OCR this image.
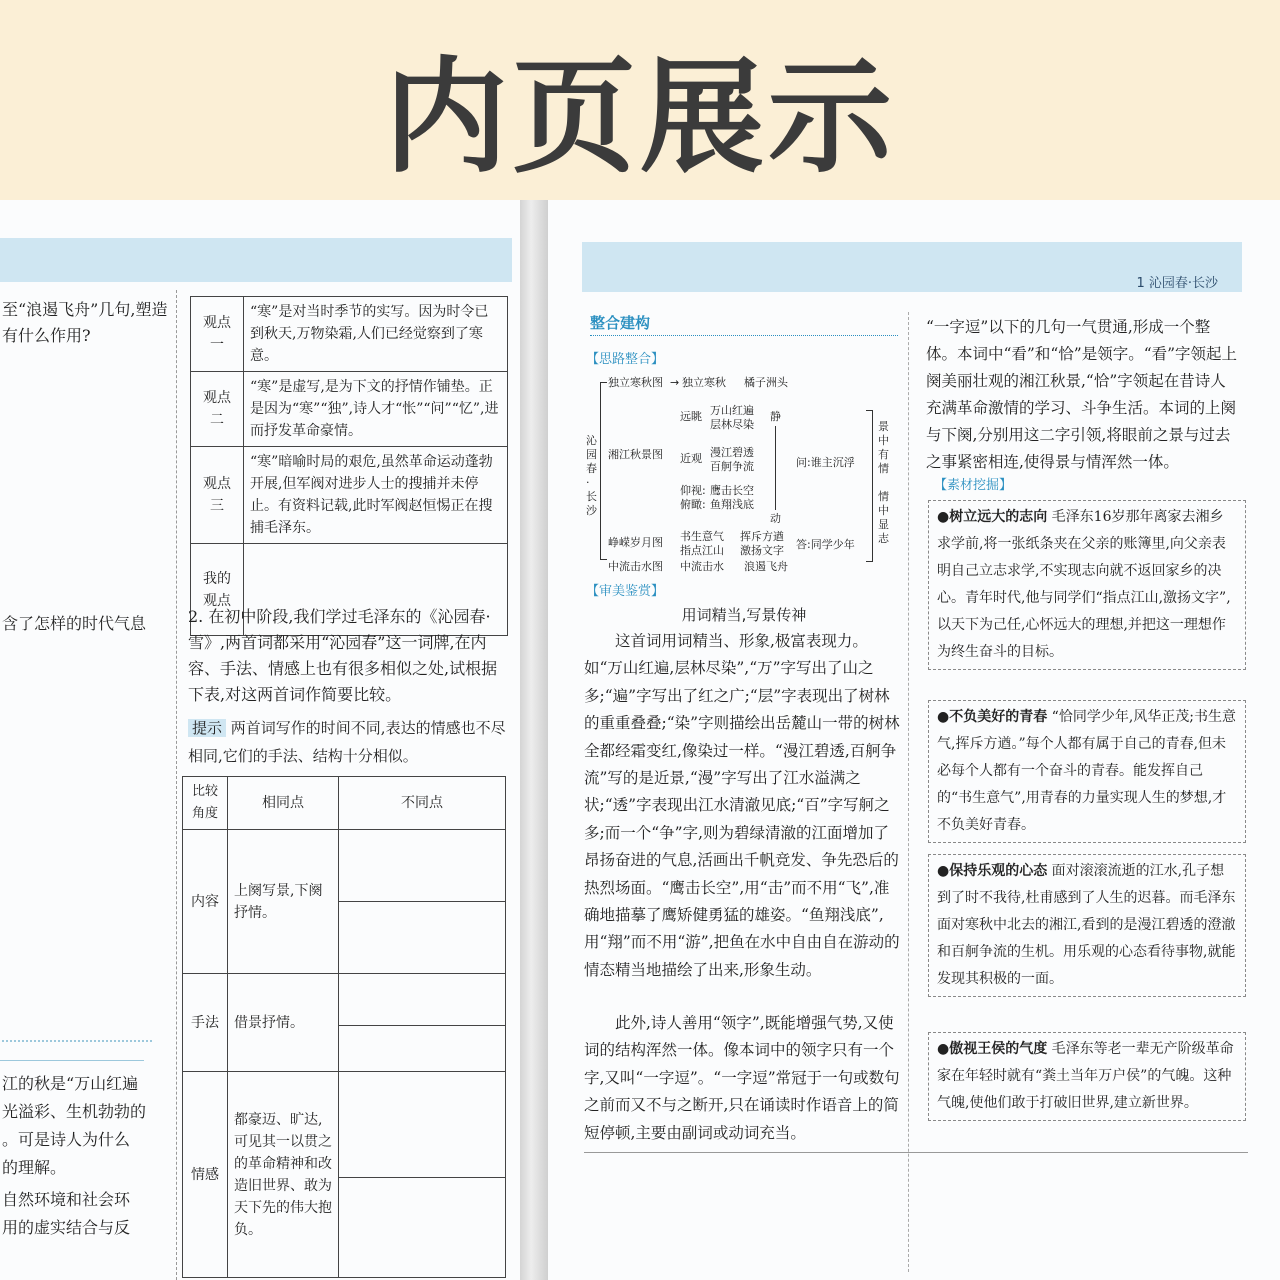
内页展示
至“浪遏飞舟”几句,塑造
有什么作用?
含了怎样的时代气息
观点一	“寒”是对当时季节的实写。因为时令已到秋天,万物染霜,人们已经觉察到了寒意。
观点二	“寒”是虚写,是为下文的抒情作铺垫。正是因为“寒”“独”,诗人才“怅”“问”“忆”,进而抒发革命豪情。
观点三	“寒”暗喻时局的艰危,虽然革命运动蓬勃开展,但军阀对进步人士的搜捕并未停止。有资料记载,此时军阀赵恒惕正在搜捕毛泽东。
我的观点	
2. 在初中阶段,我们学过毛泽东的《沁园春·雪》,两首词都采用“沁园春”这一词牌,在内容、手法、情感上也有很多相似之处,试根据下表,对这两首词作简要比较。
提示 两首词写作的时间不同,表达的情感也不尽相同,它们的手法、结构十分相似。
比较角度	相同点	不同点
内容	上阕写景,下阕抒情。	

手法	借景抒情。	

情感	都豪迈、旷达,可见其一以贯之的革命精神和改造旧世界、敢为天下先的伟大抱负。	

江的秋是“万山红遍
光溢彩、生机勃勃的
。可是诗人为什么
的理解。
自然环境和社会环
用的虚实结合与反
1 沁园春·长沙
整合建构
【思路整合】
沁园春·长沙
独立寒秋图 → 独立寒秋 橘子洲头
湘江秋景图
远眺 万山红遍
层林尽染
近观 漫江碧透
百舸争流
仰视: 鹰击长空
俯瞰: 鱼翔浅底
静
动
问:谁主沉浮
峥嵘岁月图 书生意气
指点江山
挥斥方遒
激扬文字 答:同学少年
中流击水图 中流击水 浪遏飞舟
景中有情
情中显志
【审美鉴赏】
用词精当,写景传神
这首词用词精当、形象,极富表现力。如“万山红遍,层林尽染”,“万”字写出了山之多;“遍”字写出了红之广;“层”字表现出了树林的重重叠叠;“染”字则描绘出岳麓山一带的树林全都经霜变红,像染过一样。“漫江碧透,百舸争流”写的是近景,“漫”字写出了江水溢满之状;“透”字表现出江水清澈见底;“百”字写舸之多;而一个“争”字,则为碧绿清澈的江面增加了昂扬奋进的气息,活画出千帆竞发、争先恐后的热烈场面。“鹰击长空”,用“击”而不用“飞”,准确地描摹了鹰矫健勇猛的雄姿。“鱼翔浅底”,用“翔”而不用“游”,把鱼在水中自由自在游动的情态精当地描绘了出来,形象生动。
此外,诗人善用“领字”,既能增强气势,又使词的结构浑然一体。像本词中的领字只有一个字,又叫“一字逗”。“一字逗”常冠于一句或数句之前而又不与之断开,只在诵读时作语音上的简短停顿,主要由副词或动词充当。
“一字逗”以下的几句一气贯通,形成一个整体。本词中“看”和“恰”是领字。“看”字领起上阕美丽壮观的湘江秋景,“恰”字领起在昔诗人充满革命激情的学习、斗争生活。本词的上阕与下阕,分别用这二字引领,将眼前之景与过去之事紧密相连,使得景与情浑然一体。
【素材挖掘】
●树立远大的志向 毛泽东16岁那年离家去湘乡求学前,将一张纸条夹在父亲的账簿里,向父亲表明自己立志求学,不实现志向就不返回家乡的决心。青年时代,他与同学们“指点江山,激扬文字”,以天下为己任,心怀远大的理想,并把这一理想作为终生奋斗的目标。
●不负美好的青春 “恰同学少年,风华正茂;书生意气,挥斥方遒。”每个人都有属于自己的青春,但未必每个人都有一个奋斗的青春。能发挥自己的“书生意气”,用青春的力量实现人生的梦想,才不负美好青春。
●保持乐观的心态 面对滚滚流逝的江水,孔子想到了时不我待,杜甫感到了人生的迟暮。而毛泽东面对寒秋中北去的湘江,看到的是漫江碧透的澄澈和百舸争流的生机。用乐观的心态看待事物,就能发现其积极的一面。
●傲视王侯的气度 毛泽东等老一辈无产阶级革命家在年轻时就有“粪土当年万户侯”的气魄。这种气魄,使他们敢于打破旧世界,建立新世界。
